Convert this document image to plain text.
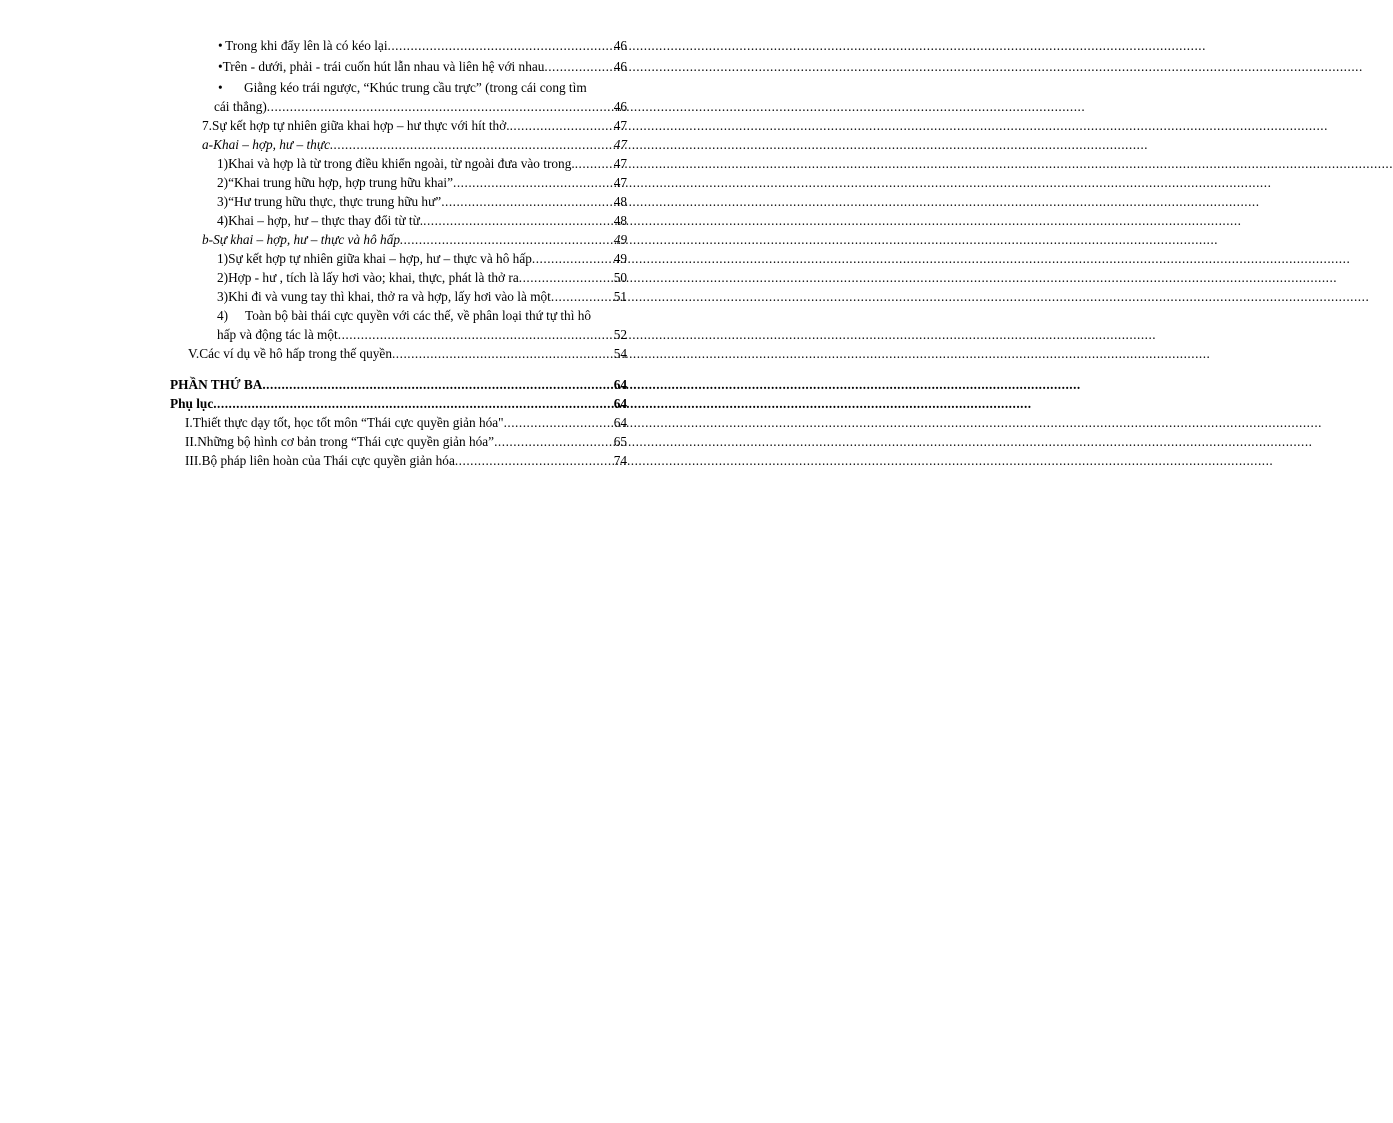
• Trong khi đẩy lên là có kéo lại .....	46
• Trên - dưới, phải - trái cuốn hút lẫn nhau và liên hệ với nhau .....	46
• Giằng kéo trái ngược, “Khúc trung cầu trực” (trong cái cong tìm
cái thẳng) .....	46
7. Sự kết hợp tự nhiên giữa khai hợp – hư thực với hít thở. .....	47
a- Khai – hợp, hư – thực .....	47
1) Khai và hợp là từ trong điều khiển ngoài, từ ngoài đưa vào trong. .....	47
2) “Khai trung hữu hợp, hợp trung hữu khai” .....	47
3) “Hư trung hữu thực, thực trung hữu hư” .....	48
4) Khai – hợp, hư – thực thay đổi từ từ. .....	48
b- Sự khai – hợp, hư – thực và hô hấp .....	49
1) Sự kết hợp tự nhiên giữa khai – hợp, hư – thực và hô hấp .....	49
2) Hợp - hư , tích là lấy hơi vào; khai, thực, phát là thở ra .....	50
3) Khi đi và vung tay thì khai, thở ra và hợp, lấy hơi vào là một .....	51
4) Toàn bộ bài thái cực quyền với các thế, về phân loại thứ tự thì hô
hấp và động tác là một .....	52
V. Các ví dụ về hô hấp trong thế quyền .....	54
PHẦN THỨ BA .....	64
Phụ lục .....	64
I. Thiết thực dạy tốt, học tốt môn “Thái cực quyền giản hóa" .....	64
II. Những bộ hình cơ bản trong “Thái cực quyền giản hóa” .....	65
III. Bộ pháp liên hoàn của Thái cực quyền giản hóa .....	74
